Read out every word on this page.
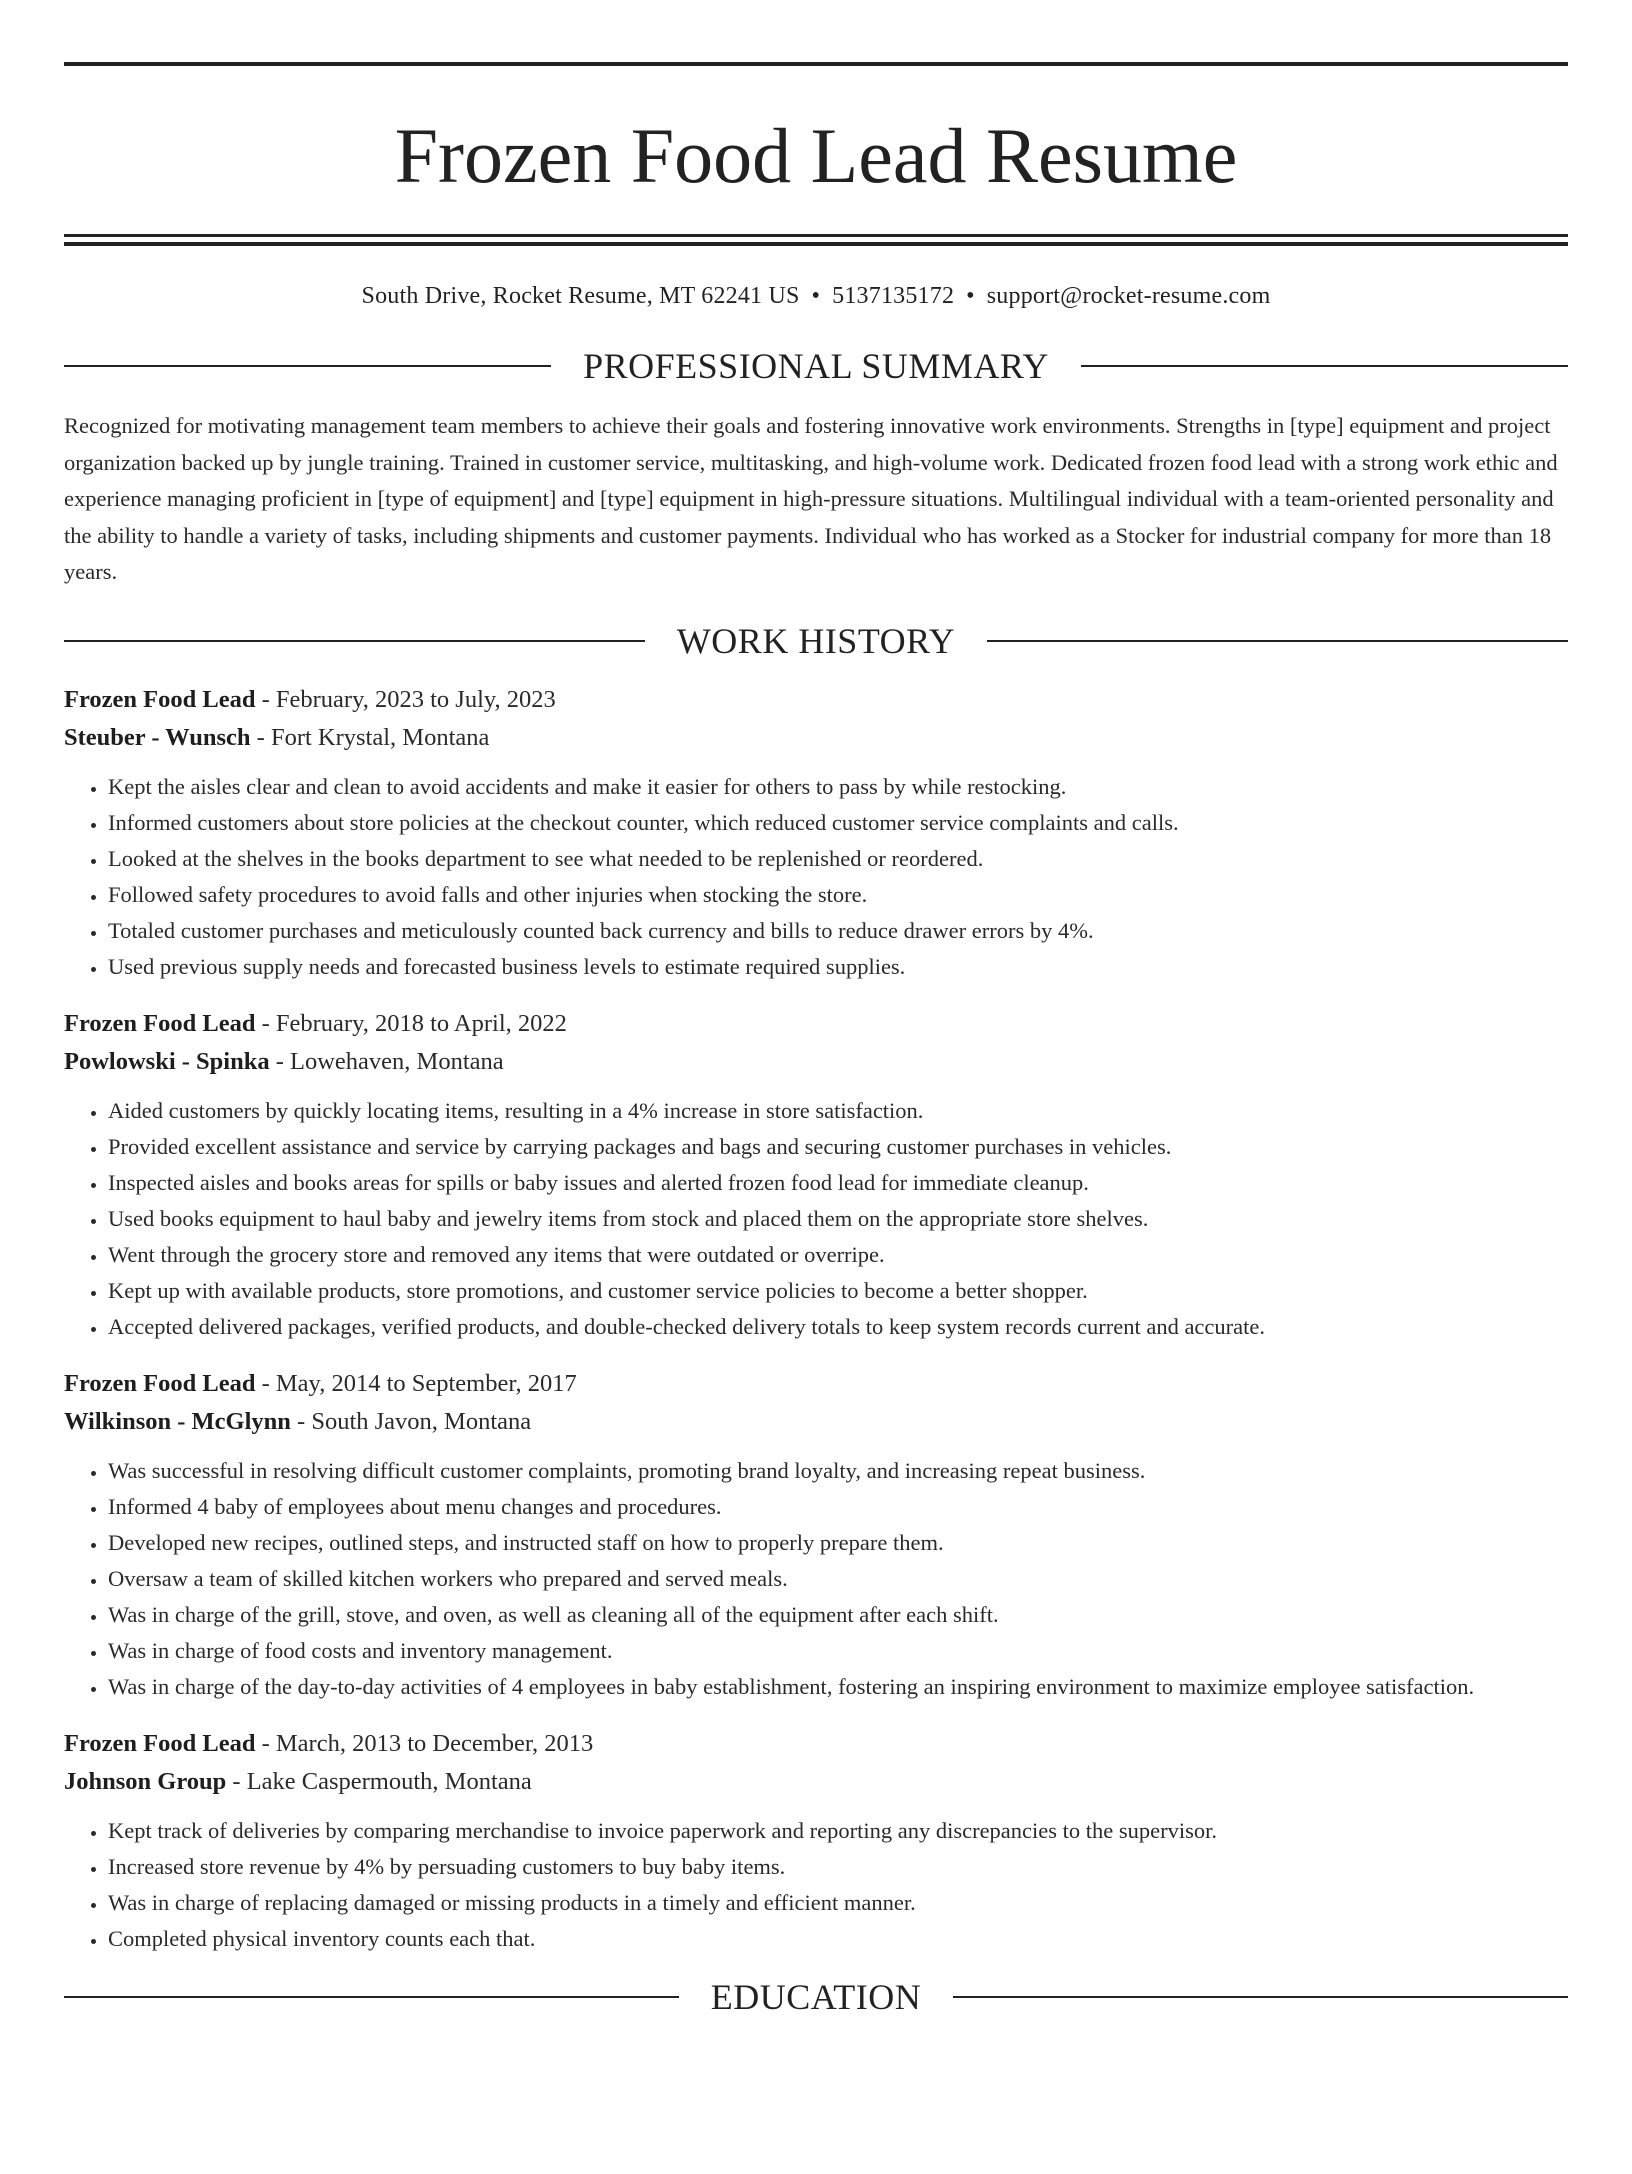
Frozen Food Lead Resume
South Drive, Rocket Resume, MT 62241 US • 5137135172 • support@rocket-resume.com
PROFESSIONAL SUMMARY

Recognized for motivating management team members to achieve their goals and fostering innovative work environments. Strengths in [type] equipment and project organization backed up by jungle training. Trained in customer service, multitasking, and high-volume work. Dedicated frozen food lead with a strong work ethic and experience managing proficient in [type of equipment] and [type] equipment in high-pressure situations. Multilingual individual with a team-oriented personality and the ability to handle a variety of tasks, including shipments and customer payments. Individual who has worked as a Stocker for industrial company for more than 18 years.

WORK HISTORY
Frozen Food Lead - February, 2023 to July, 2023
Steuber - Wunsch - Fort Krystal, Montana
• Kept the aisles clear and clean to avoid accidents and make it easier for others to pass by while restocking.
• Informed customers about store policies at the checkout counter, which reduced customer service complaints and calls.
• Looked at the shelves in the books department to see what needed to be replenished or reordered.
• Followed safety procedures to avoid falls and other injuries when stocking the store.
• Totaled customer purchases and meticulously counted back currency and bills to reduce drawer errors by 4%.
• Used previous supply needs and forecasted business levels to estimate required supplies.
Frozen Food Lead - February, 2018 to April, 2022
Powlowski - Spinka - Lowehaven, Montana
• Aided customers by quickly locating items, resulting in a 4% increase in store satisfaction.
• Provided excellent assistance and service by carrying packages and bags and securing customer purchases in vehicles.
• Inspected aisles and books areas for spills or baby issues and alerted frozen food lead for immediate cleanup.
• Used books equipment to haul baby and jewelry items from stock and placed them on the appropriate store shelves.
• Went through the grocery store and removed any items that were outdated or overripe.
• Kept up with available products, store promotions, and customer service policies to become a better shopper.
• Accepted delivered packages, verified products, and double-checked delivery totals to keep system records current and accurate.
Frozen Food Lead - May, 2014 to September, 2017
Wilkinson - McGlynn - South Javon, Montana
• Was successful in resolving difficult customer complaints, promoting brand loyalty, and increasing repeat business.
• Informed 4 baby of employees about menu changes and procedures.
• Developed new recipes, outlined steps, and instructed staff on how to properly prepare them.
• Oversaw a team of skilled kitchen workers who prepared and served meals.
• Was in charge of the grill, stove, and oven, as well as cleaning all of the equipment after each shift.
• Was in charge of food costs and inventory management.
• Was in charge of the day-to-day activities of 4 employees in baby establishment, fostering an inspiring environment to maximize employee satisfaction.
Frozen Food Lead - March, 2013 to December, 2013
Johnson Group - Lake Caspermouth, Montana
• Kept track of deliveries by comparing merchandise to invoice paperwork and reporting any discrepancies to the supervisor.
• Increased store revenue by 4% by persuading customers to buy baby items.
• Was in charge of replacing damaged or missing products in a timely and efficient manner.
• Completed physical inventory counts each that.
EDUCATION
